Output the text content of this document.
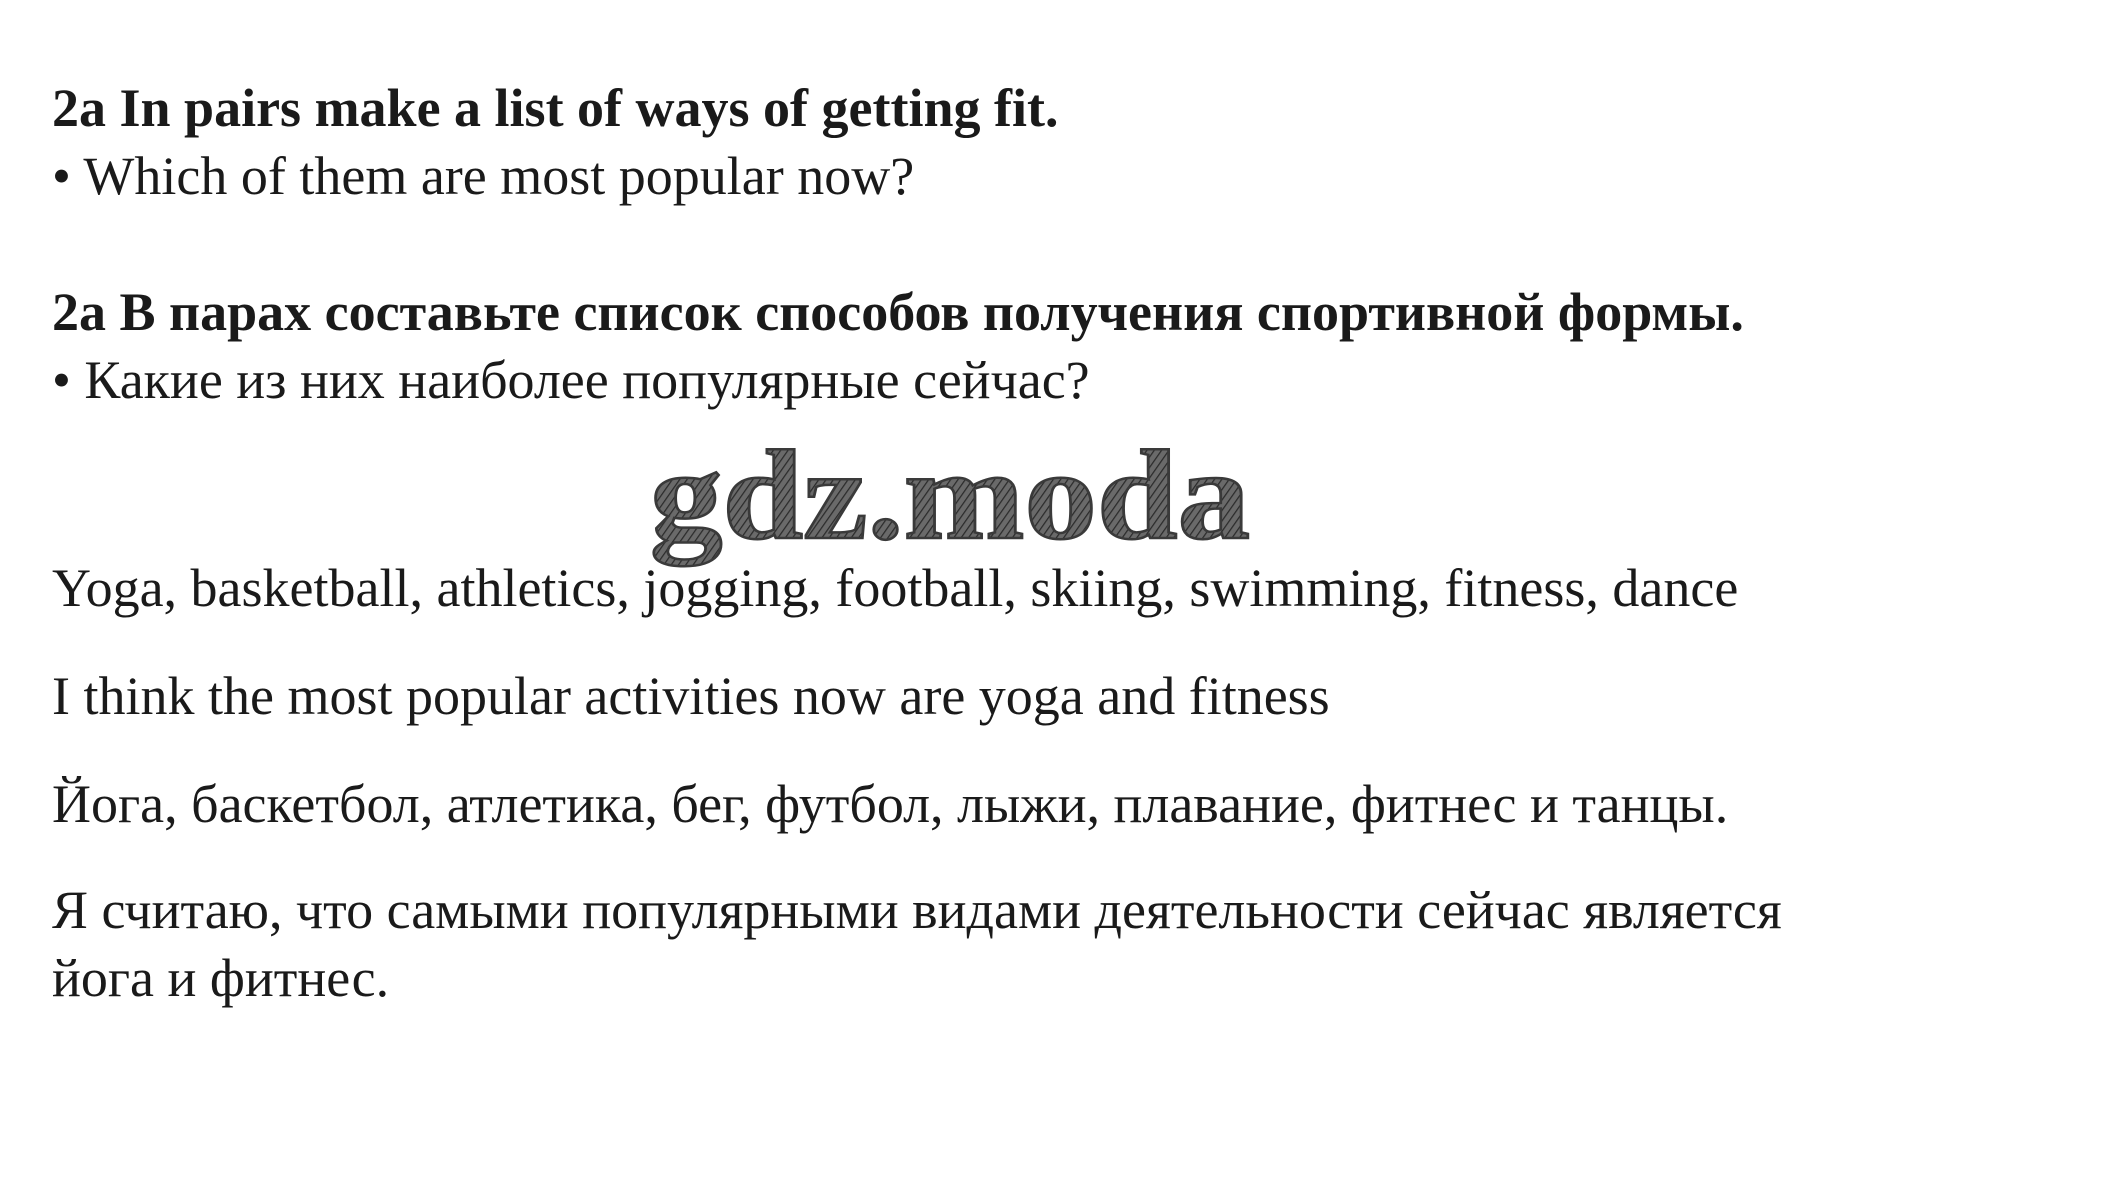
2a In pairs make a list of ways of getting fit.
• Which of them are most popular now?
2a В парах составьте список способов получения спортивной формы.
• Какие из них наиболее популярные сейчас?
gdz.moda
Yoga, basketball, athletics, jogging, football, skiing, swimming, fitness, dance
I think the most popular activities now are yoga and fitness
Йога, баскетбол, атлетика, бег, футбол, лыжи, плавание, фитнес и танцы.
Я считаю, что самыми популярными видами деятельности сейчас является
йога и фитнес.
